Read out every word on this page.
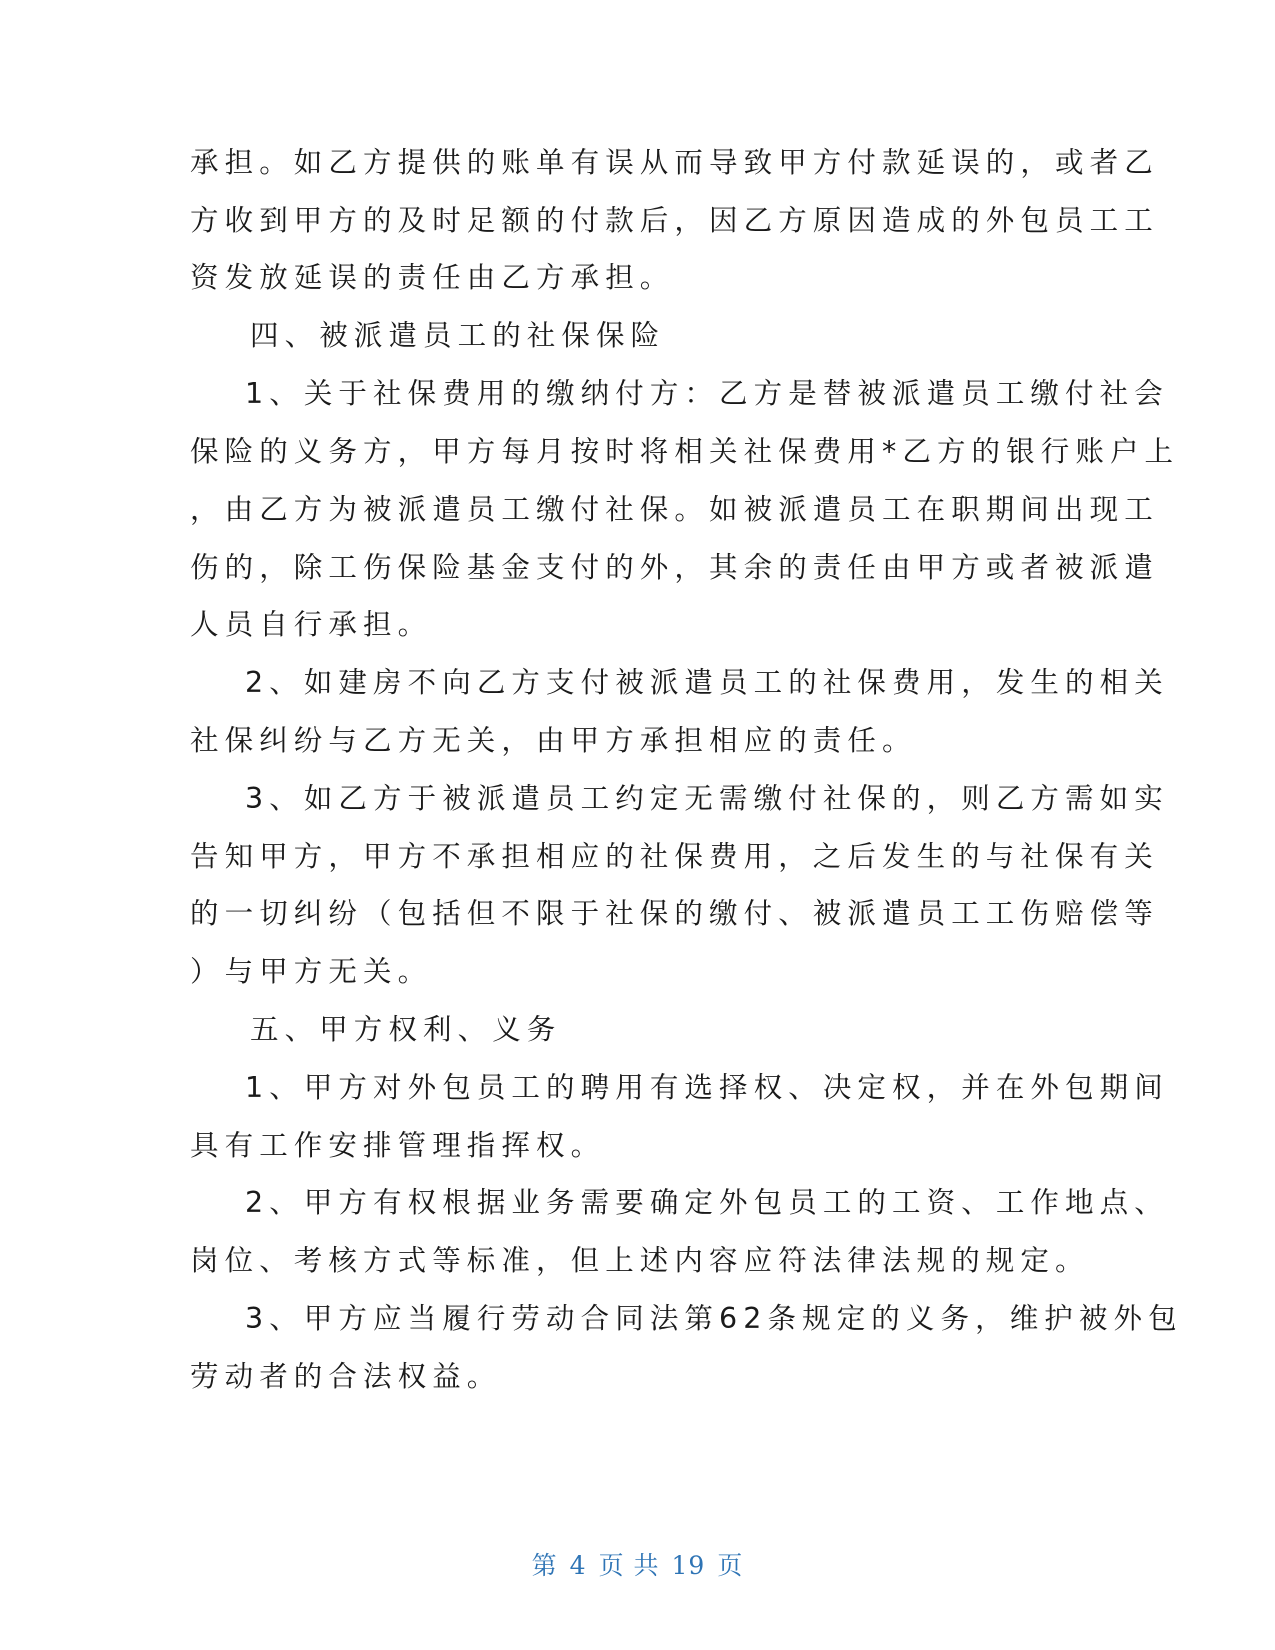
承担。如乙方提供的账单有误从而导致甲方付款延误的，或者乙
方收到甲方的及时足额的付款后，因乙方原因造成的外包员工工
资发放延误的责任由乙方承担。
四、被派遣员工的社保保险
1、关于社保费用的缴纳付方：乙方是替被派遣员工缴付社会
保险的义务方，甲方每月按时将相关社保费用*乙方的银行账户上
，由乙方为被派遣员工缴付社保。如被派遣员工在职期间出现工
伤的，除工伤保险基金支付的外，其余的责任由甲方或者被派遣
人员自行承担。
2、如建房不向乙方支付被派遣员工的社保费用，发生的相关
社保纠纷与乙方无关，由甲方承担相应的责任。
3、如乙方于被派遣员工约定无需缴付社保的，则乙方需如实
告知甲方，甲方不承担相应的社保费用，之后发生的与社保有关
的一切纠纷（包括但不限于社保的缴付、被派遣员工工伤赔偿等
）与甲方无关。
五、甲方权利、义务
1、甲方对外包员工的聘用有选择权、决定权，并在外包期间
具有工作安排管理指挥权。
2、甲方有权根据业务需要确定外包员工的工资、工作地点、
岗位、考核方式等标准，但上述内容应符法律法规的规定。
3、甲方应当履行劳动合同法第62条规定的义务，维护被外包
劳动者的合法权益。
第 4 页 共 19 页
